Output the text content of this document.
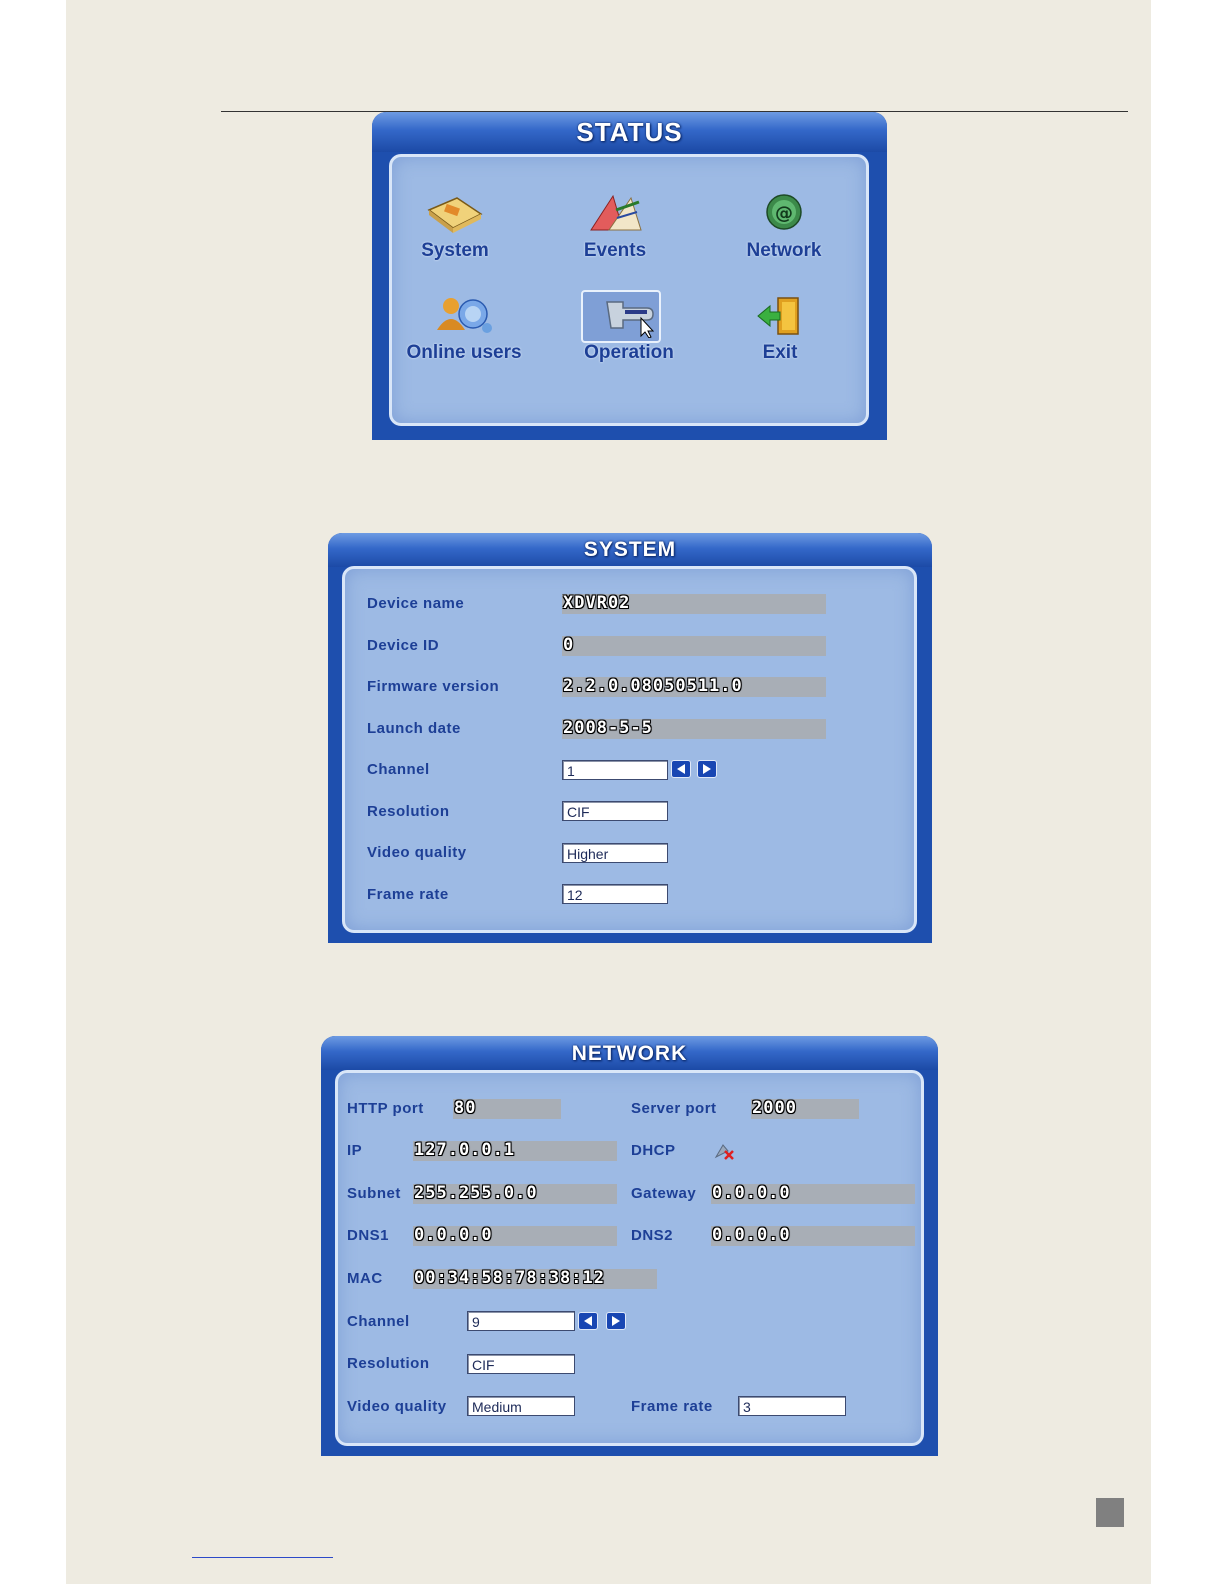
STATUS
System	Events
@
Network
Online users	Operation	Exit
SYSTEM
Device name	XDVR02
Device ID	0
Firmware version	2.2.0.08050511.0
Launch date	2008-5-5
Channel	1
Resolution	CIF
Video quality	Higher
Frame rate	12
NETWORK
HTTP port 80	Server port 2000
IP	127.0.0.1	DHCP
Subnet 255.255.0.0	Gateway 0.0.0.0
DNS1 0.0.0.0	DNS2 0.0.0.0
MAC 00:34:58:78:38:12
Channel	9
Resolution	CIF
Video quality	Medium	Frame rate	3
